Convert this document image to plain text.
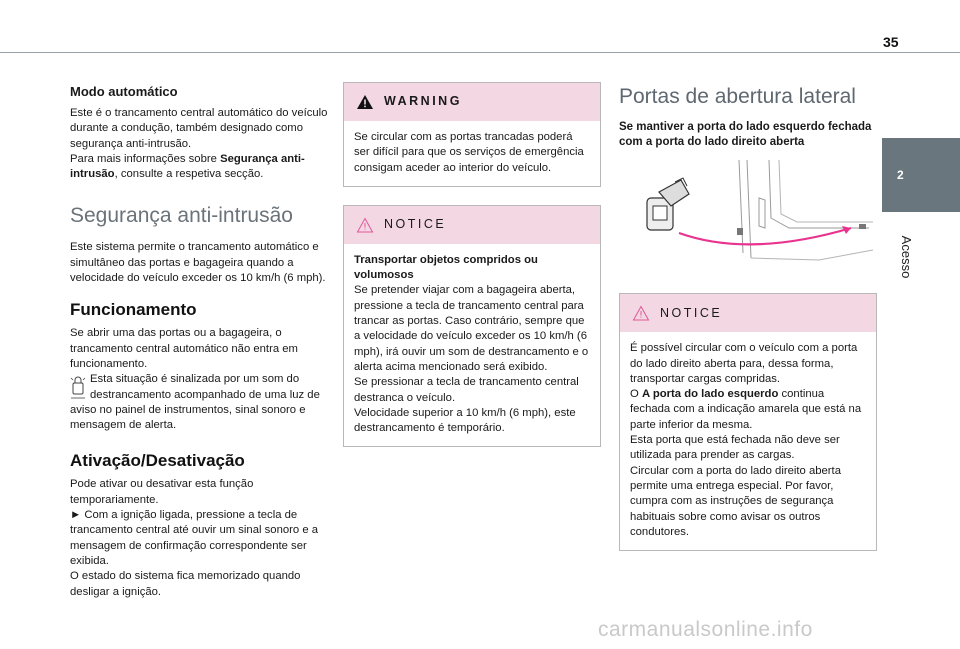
35
2
Acesso
Modo automático

Este é o trancamento central automático do veículo durante a condução, também designado como segurança anti-intrusão.

Para mais informações sobre Segurança anti-intrusão, consulte a respetiva secção.

Segurança anti-intrusão

Este sistema permite o trancamento automático e simultâneo das portas e bagageira quando a velocidade do veículo exceder os 10 km/h (6 mph).

Funcionamento

Se abrir uma das portas ou a bagageira, o trancamento central automático não entra em funcionamento.

Esta situação é sinalizada por um som do destrancamento acompanhado de uma luz de aviso no painel de instrumentos, sinal sonoro e mensagem de alerta.

Ativação/Desativação

Pode ativar ou desativar esta função temporariamente.

► Com a ignição ligada, pressione a tecla de trancamento central até ouvir um sinal sonoro e a mensagem de confirmação correspondente ser exibida.

O estado do sistema fica memorizado quando desligar a ignição.

WARNING
Se circular com as portas trancadas poderá ser difícil para que os serviços de emergência consigam aceder ao interior do veículo.
NOTICE

Transportar objetos compridos ou volumosos

Se pretender viajar com a bagageira aberta, pressione a tecla de trancamento central para trancar as portas. Caso contrário, sempre que a velocidade do veículo exceder os 10 km/h (6 mph), irá ouvir um som de destrancamento e o alerta acima mencionado será exibido.

Se pressionar a tecla de trancamento central destranca o veículo.

Velocidade superior a 10 km/h (6 mph), este destrancamento é temporário.

Portas de abertura lateral

Se mantiver a porta do lado esquerdo fechada com a porta do lado direito aberta

NOTICE

É possível circular com o veículo com a porta do lado direito aberta para, dessa forma, transportar cargas compridas.

O A porta do lado esquerdo continua fechada com a indicação amarela que está na parte inferior da mesma.

Esta porta que está fechada não deve ser utilizada para prender as cargas.

Circular com a porta do lado direito aberta permite uma entrega especial. Por favor, cumpra com as instruções de segurança habituais sobre como avisar os outros condutores.

carmanualsonline.info
